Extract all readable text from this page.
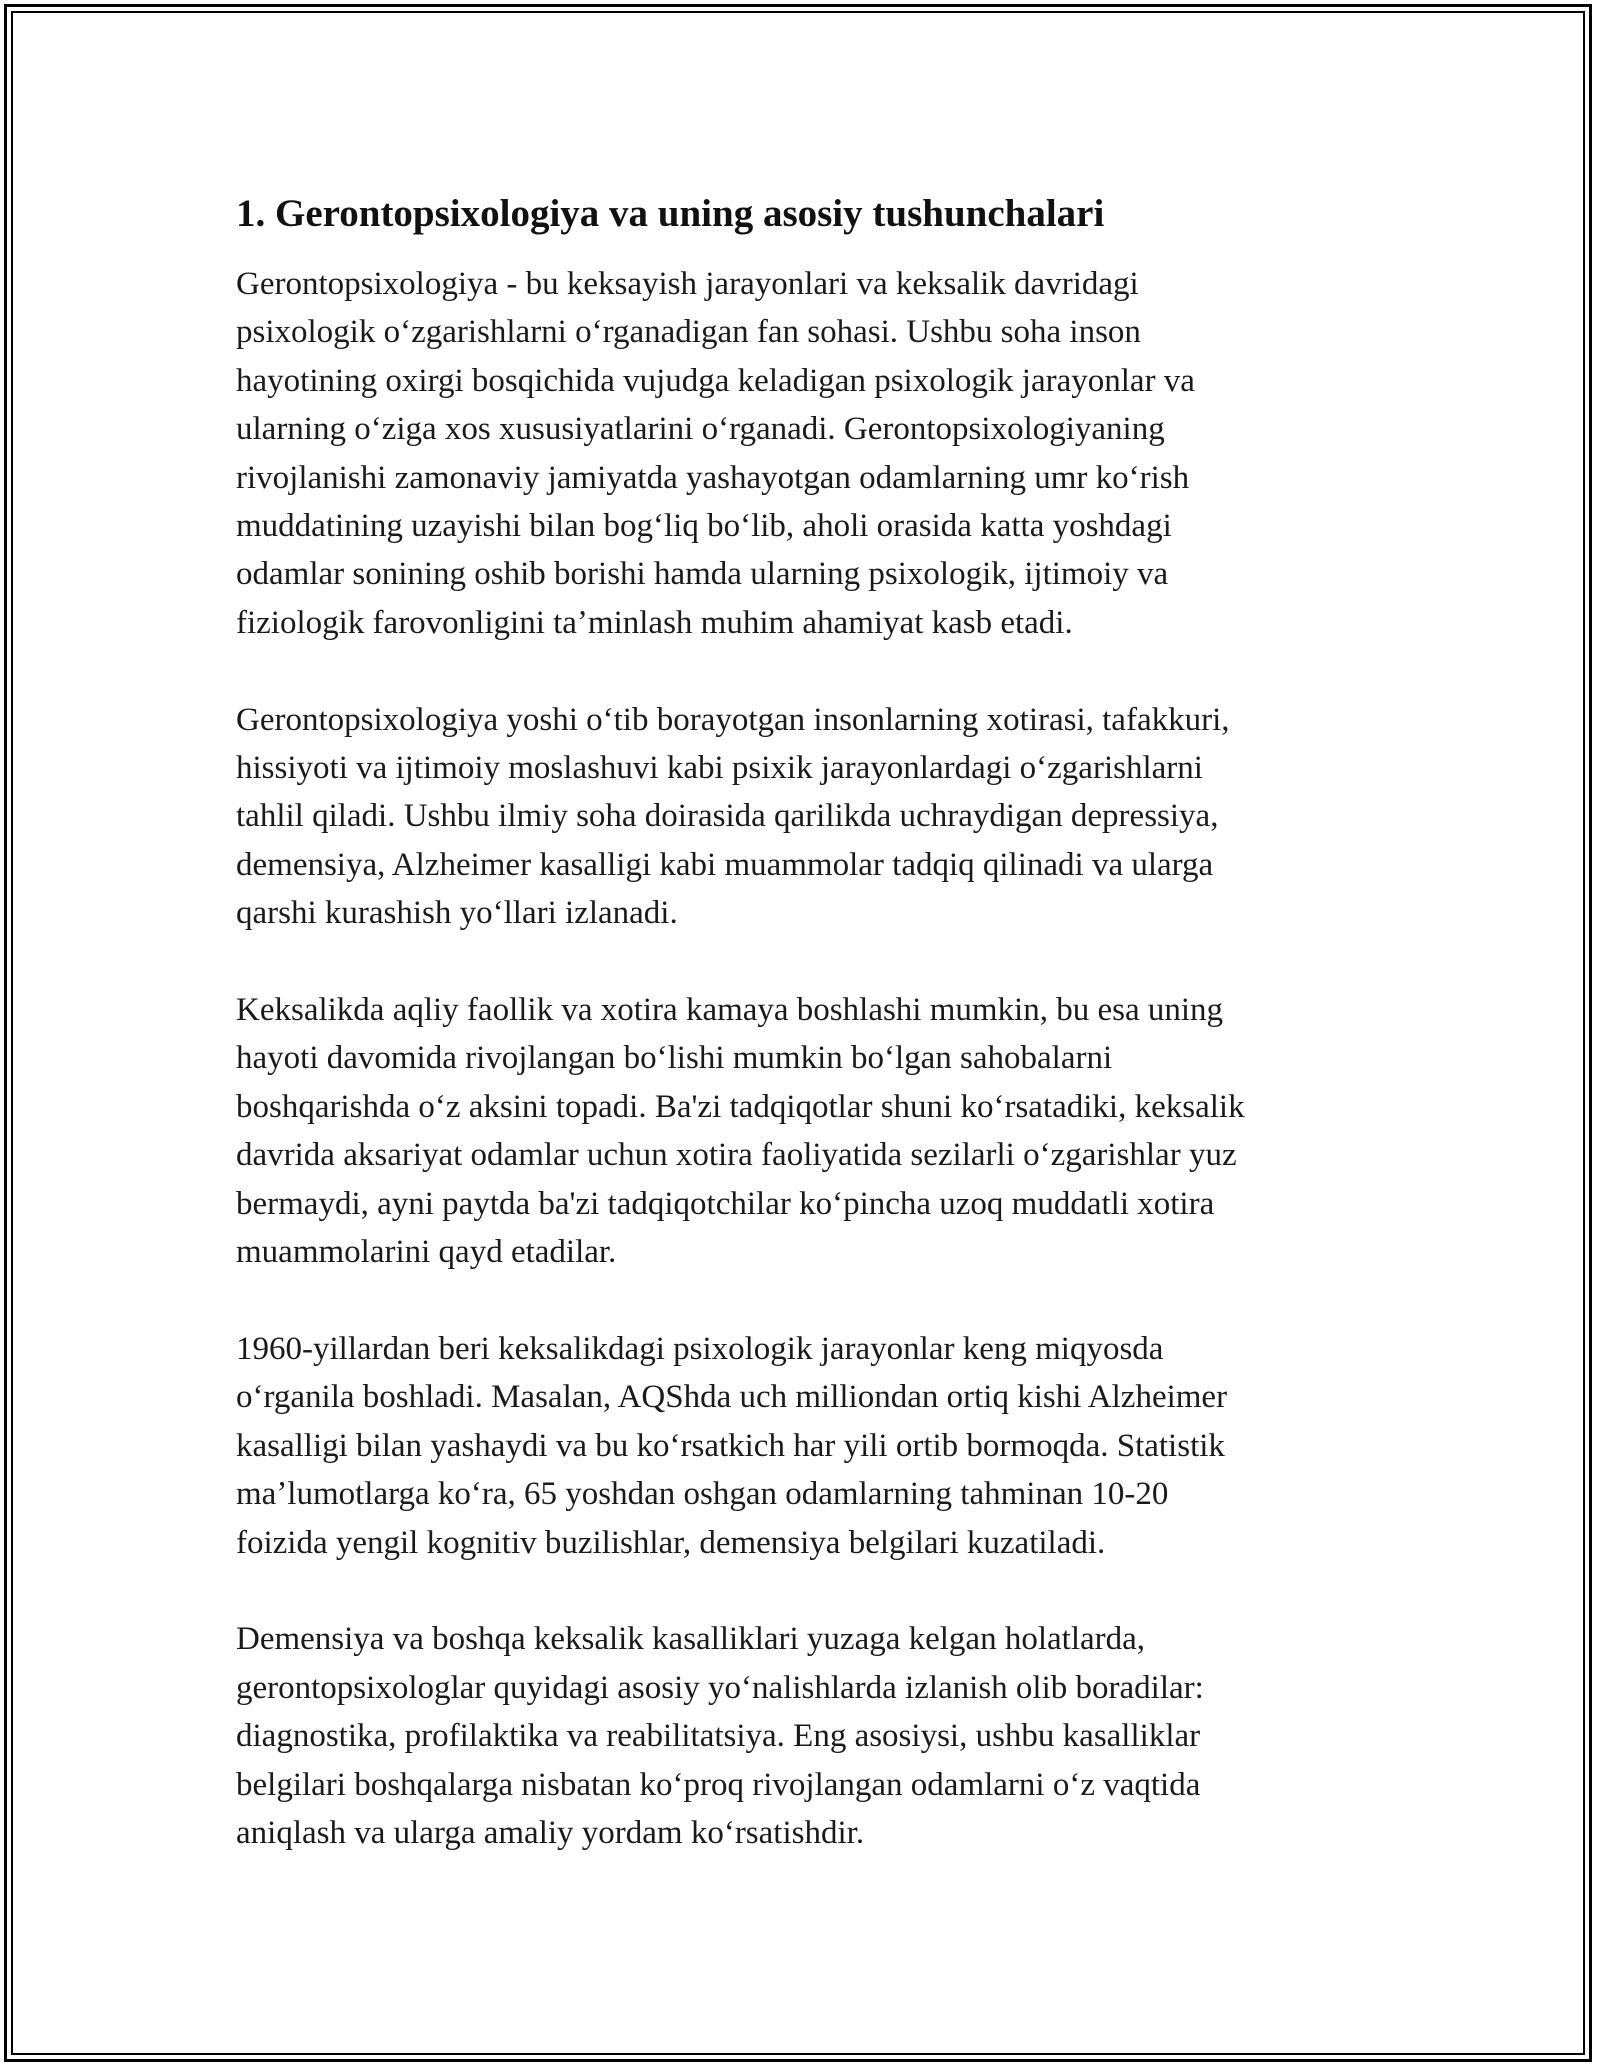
1. Gerontopsixologiya va uning asosiy tushunchalari

Gerontopsixologiya - bu keksayish jarayonlari va keksalik davridagi
psixologik oʻzgarishlarni oʻrganadigan fan sohasi. Ushbu soha inson
hayotining oxirgi bosqichida vujudga keladigan psixologik jarayonlar va
ularning oʻziga xos xususiyatlarini oʻrganadi. Gerontopsixologiyaning
rivojlanishi zamonaviy jamiyatda yashayotgan odamlarning umr koʻrish
muddatining uzayishi bilan bogʻliq boʻlib, aholi orasida katta yoshdagi
odamlar sonining oshib borishi hamda ularning psixologik, ijtimoiy va
fiziologik farovonligini taʼminlash muhim ahamiyat kasb etadi.

Gerontopsixologiya yoshi oʻtib borayotgan insonlarning xotirasi, tafakkuri,
hissiyoti va ijtimoiy moslashuvi kabi psixik jarayonlardagi oʻzgarishlarni
tahlil qiladi. Ushbu ilmiy soha doirasida qarilikda uchraydigan depressiya,
demensiya, Alzheimer kasalligi kabi muammolar tadqiq qilinadi va ularga
qarshi kurashish yoʻllari izlanadi.

Keksalikda aqliy faollik va xotira kamaya boshlashi mumkin, bu esa uning
hayoti davomida rivojlangan boʻlishi mumkin boʻlgan sahobalarni
boshqarishda oʻz aksini topadi. Ba'zi tadqiqotlar shuni koʻrsatadiki, keksalik
davrida aksariyat odamlar uchun xotira faoliyatida sezilarli oʻzgarishlar yuz
bermaydi, ayni paytda ba'zi tadqiqotchilar koʻpincha uzoq muddatli xotira
muammolarini qayd etadilar.

1960-yillardan beri keksalikdagi psixologik jarayonlar keng miqyosda
oʻrganila boshladi. Masalan, AQShda uch milliondan ortiq kishi Alzheimer
kasalligi bilan yashaydi va bu koʻrsatkich har yili ortib bormoqda. Statistik
maʼlumotlarga koʻra, 65 yoshdan oshgan odamlarning tahminan 10-20
foizida yengil kognitiv buzilishlar, demensiya belgilari kuzatiladi.

Demensiya va boshqa keksalik kasalliklari yuzaga kelgan holatlarda,
gerontopsixologlar quyidagi asosiy yoʻnalishlarda izlanish olib boradilar:
diagnostika, profilaktika va reabilitatsiya. Eng asosiysi, ushbu kasalliklar
belgilari boshqalarga nisbatan koʻproq rivojlangan odamlarni oʻz vaqtida
aniqlash va ularga amaliy yordam koʻrsatishdir.
